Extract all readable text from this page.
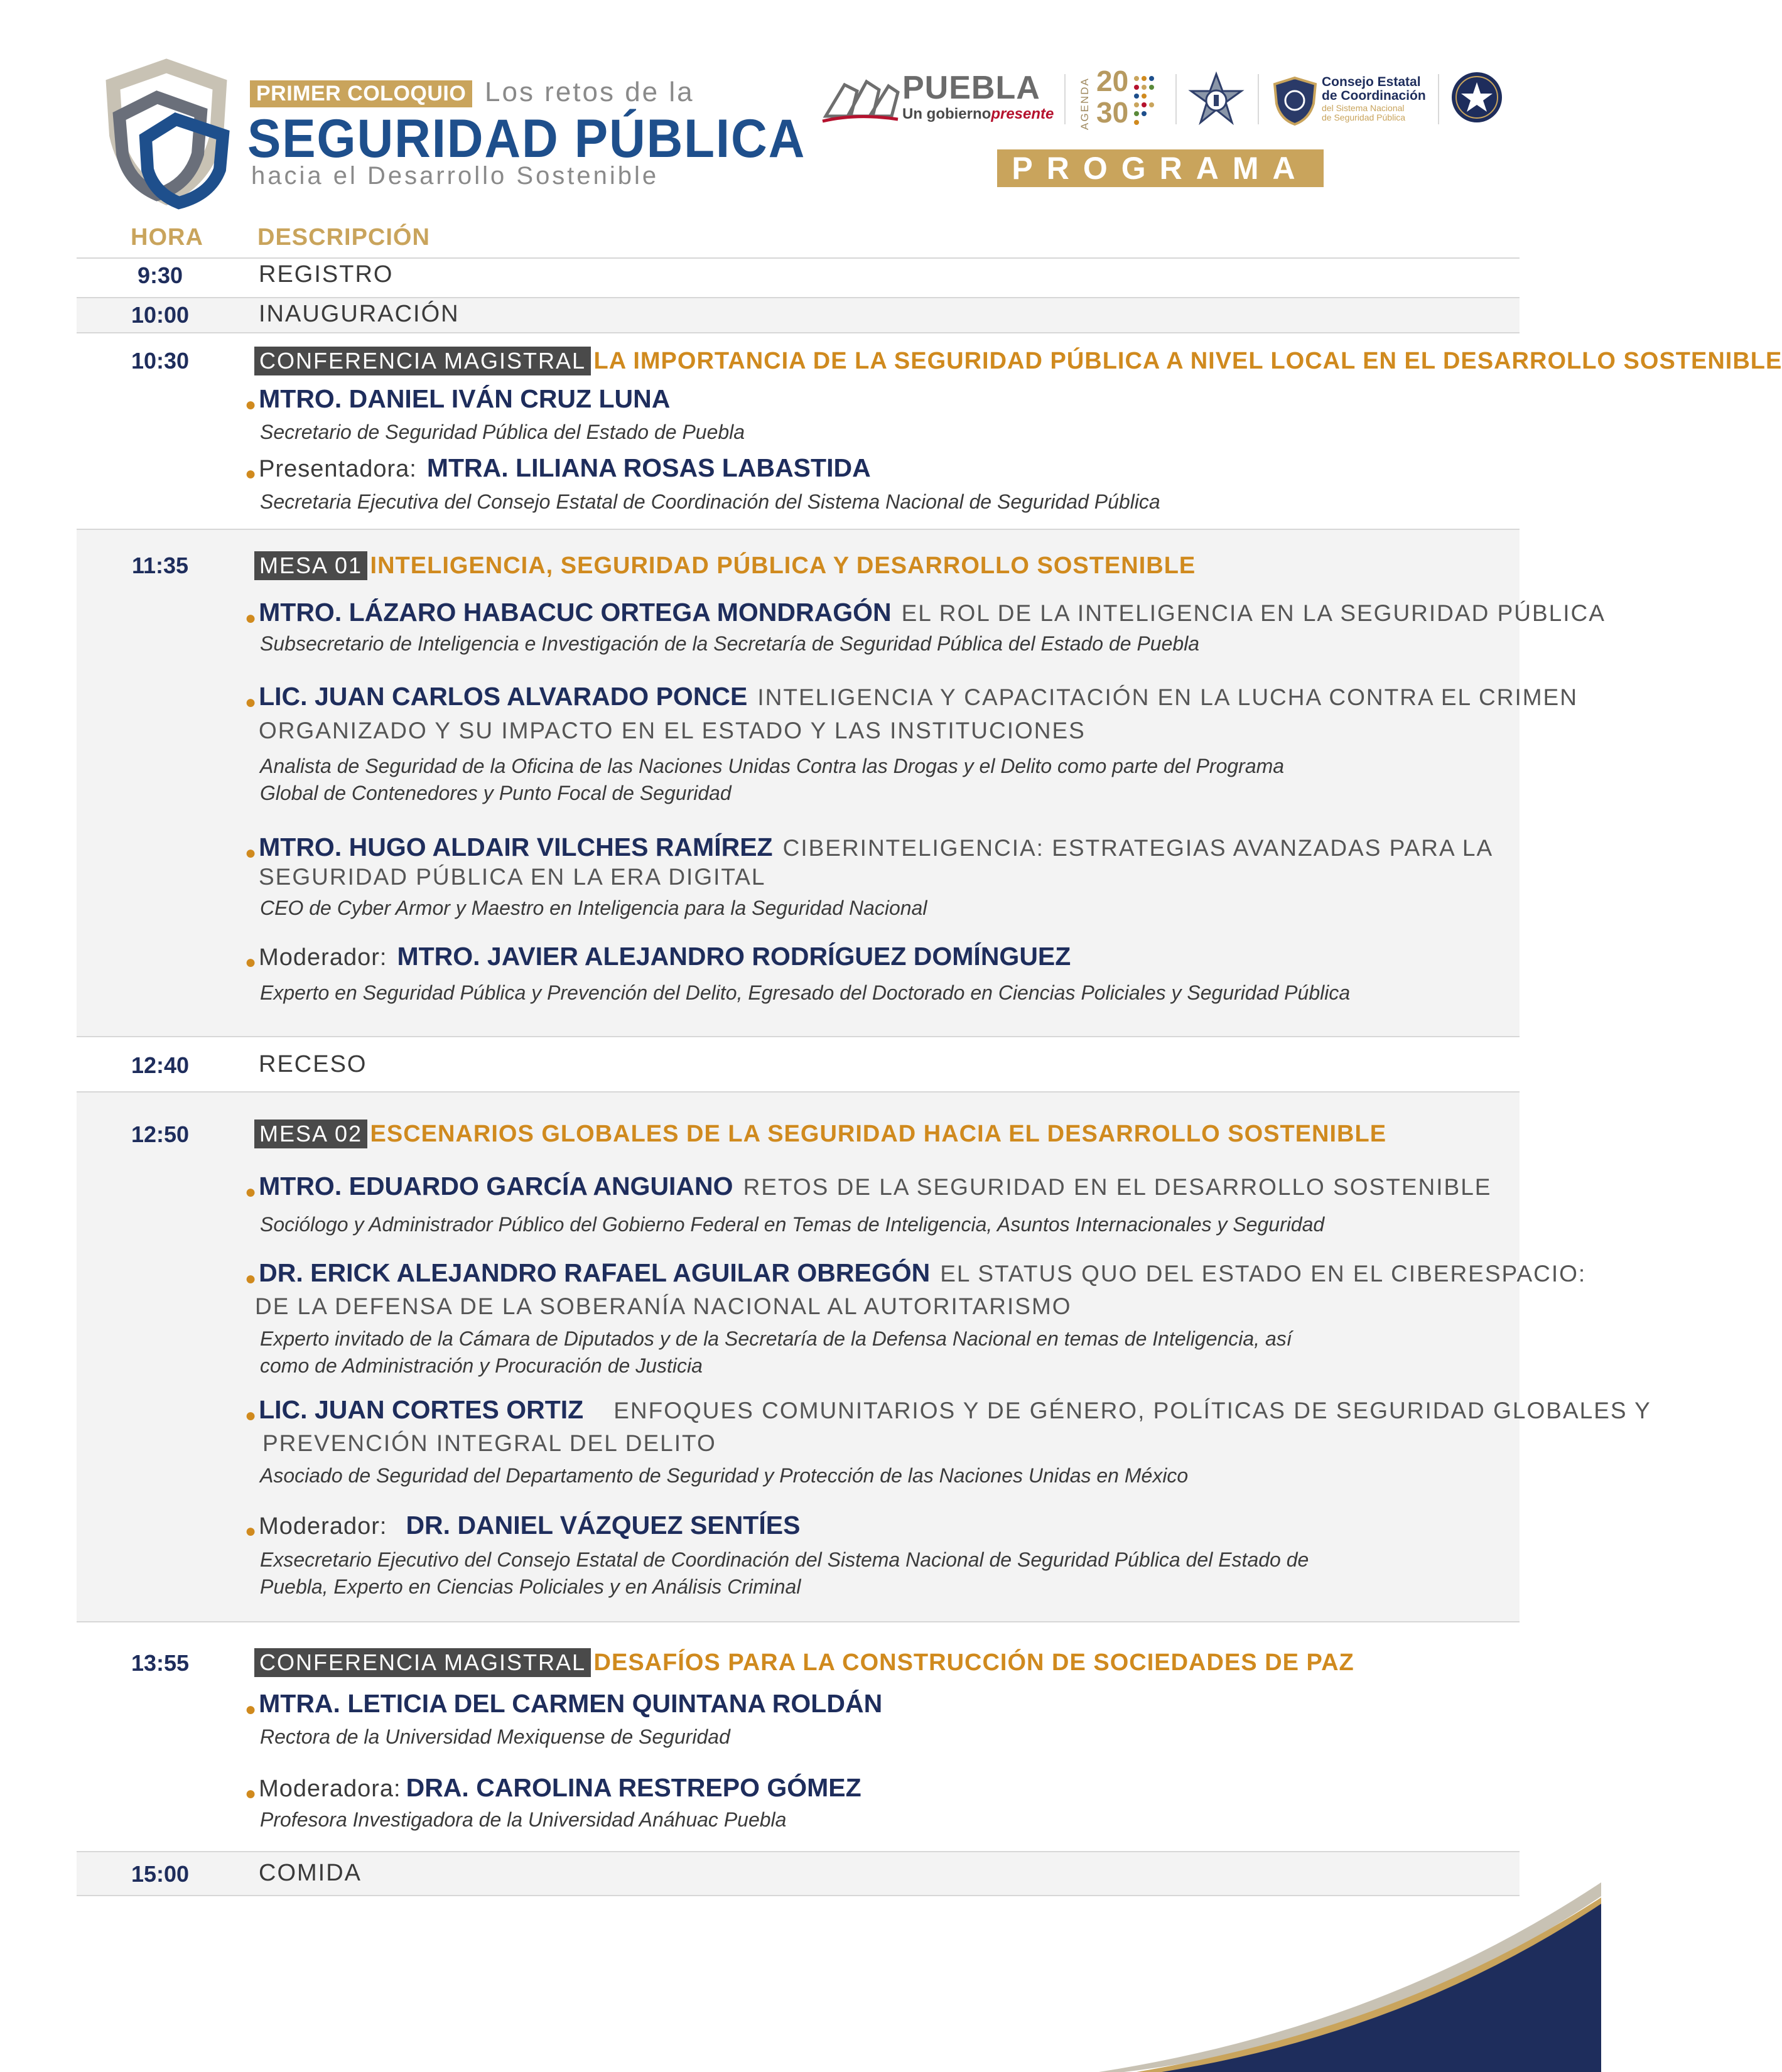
PRIMER COLOQUIO Los retos de la
SEGURIDAD PÚBLICA
hacia el Desarrollo Sostenible
PUEBLA
Un gobiernopresente AGENDA 20
30
Consejo Estatal
de Coordinación
del Sistema Nacional
de Seguridad Pública
PROGRAMA
HORA DESCRIPCIÓN
9:30	REGISTRO
10:00	INAUGURACIÓN
10:30	CONFERENCIA MAGISTRAL LA IMPORTANCIA DE LA SEGURIDAD PÚBLICA A NIVEL LOCAL EN EL DESARROLLO SOSTENIBLE
●MTRO. DANIEL IVÁN CRUZ LUNA
Secretario de Seguridad Pública del Estado de Puebla
● Presentadora: MTRA. LILIANA ROSAS LABASTIDA
Secretaria Ejecutiva del Consejo Estatal de Coordinación del Sistema Nacional de Seguridad Pública
11:35	MESA 01 INTELIGENCIA, SEGURIDAD PÚBLICA Y DESARROLLO SOSTENIBLE
●MTRO. LÁZARO HABACUC ORTEGA MONDRAGÓN EL ROL DE LA INTELIGENCIA EN LA SEGURIDAD PÚBLICA
Subsecretario de Inteligencia e Investigación de la Secretaría de Seguridad Pública del Estado de Puebla
●LIC. JUAN CARLOS ALVARADO PONCE INTELIGENCIA Y CAPACITACIÓN EN LA LUCHA CONTRA EL CRIMEN
ORGANIZADO Y SU IMPACTO EN EL ESTADO Y LAS INSTITUCIONES
Analista de Seguridad de la Oficina de las Naciones Unidas Contra las Drogas y el Delito como parte del Programa
Global de Contenedores y Punto Focal de Seguridad
●MTRO. HUGO ALDAIR VILCHES RAMÍREZ CIBERINTELIGENCIA: ESTRATEGIAS AVANZADAS PARA LA
SEGURIDAD PÚBLICA EN LA ERA DIGITAL
CEO de Cyber Armor y Maestro en Inteligencia para la Seguridad Nacional
● Moderador: MTRO. JAVIER ALEJANDRO RODRÍGUEZ DOMÍNGUEZ
Experto en Seguridad Pública y Prevención del Delito, Egresado del Doctorado en Ciencias Policiales y Seguridad Pública
12:40	RECESO
12:50	MESA 02 ESCENARIOS GLOBALES DE LA SEGURIDAD HACIA EL DESARROLLO SOSTENIBLE
●MTRO. EDUARDO GARCÍA ANGUIANO RETOS DE LA SEGURIDAD EN EL DESARROLLO SOSTENIBLE
Sociólogo y Administrador Público del Gobierno Federal en Temas de Inteligencia, Asuntos Internacionales y Seguridad
●DR. ERICK ALEJANDRO RAFAEL AGUILAR OBREGÓN EL STATUS QUO DEL ESTADO EN EL CIBERESPACIO:
DE LA DEFENSA DE LA SOBERANÍA NACIONAL AL AUTORITARISMO
Experto invitado de la Cámara de Diputados y de la Secretaría de la Defensa Nacional en temas de Inteligencia, así
como de Administración y Procuración de Justicia
●LIC. JUAN CORTES ORTIZ ENFOQUES COMUNITARIOS Y DE GÉNERO, POLÍTICAS DE SEGURIDAD GLOBALES Y
PREVENCIÓN INTEGRAL DEL DELITO
Asociado de Seguridad del Departamento de Seguridad y Protección de las Naciones Unidas en México
● Moderador: DR. DANIEL VÁZQUEZ SENTÍES
Exsecretario Ejecutivo del Consejo Estatal de Coordinación del Sistema Nacional de Seguridad Pública del Estado de
Puebla, Experto en Ciencias Policiales y en Análisis Criminal
13:55	CONFERENCIA MAGISTRAL DESAFÍOS PARA LA CONSTRUCCIÓN DE SOCIEDADES DE PAZ
●MTRA. LETICIA DEL CARMEN QUINTANA ROLDÁN
Rectora de la Universidad Mexiquense de Seguridad
● Moderadora: DRA. CAROLINA RESTREPO GÓMEZ
Profesora Investigadora de la Universidad Anáhuac Puebla
15:00	COMIDA
